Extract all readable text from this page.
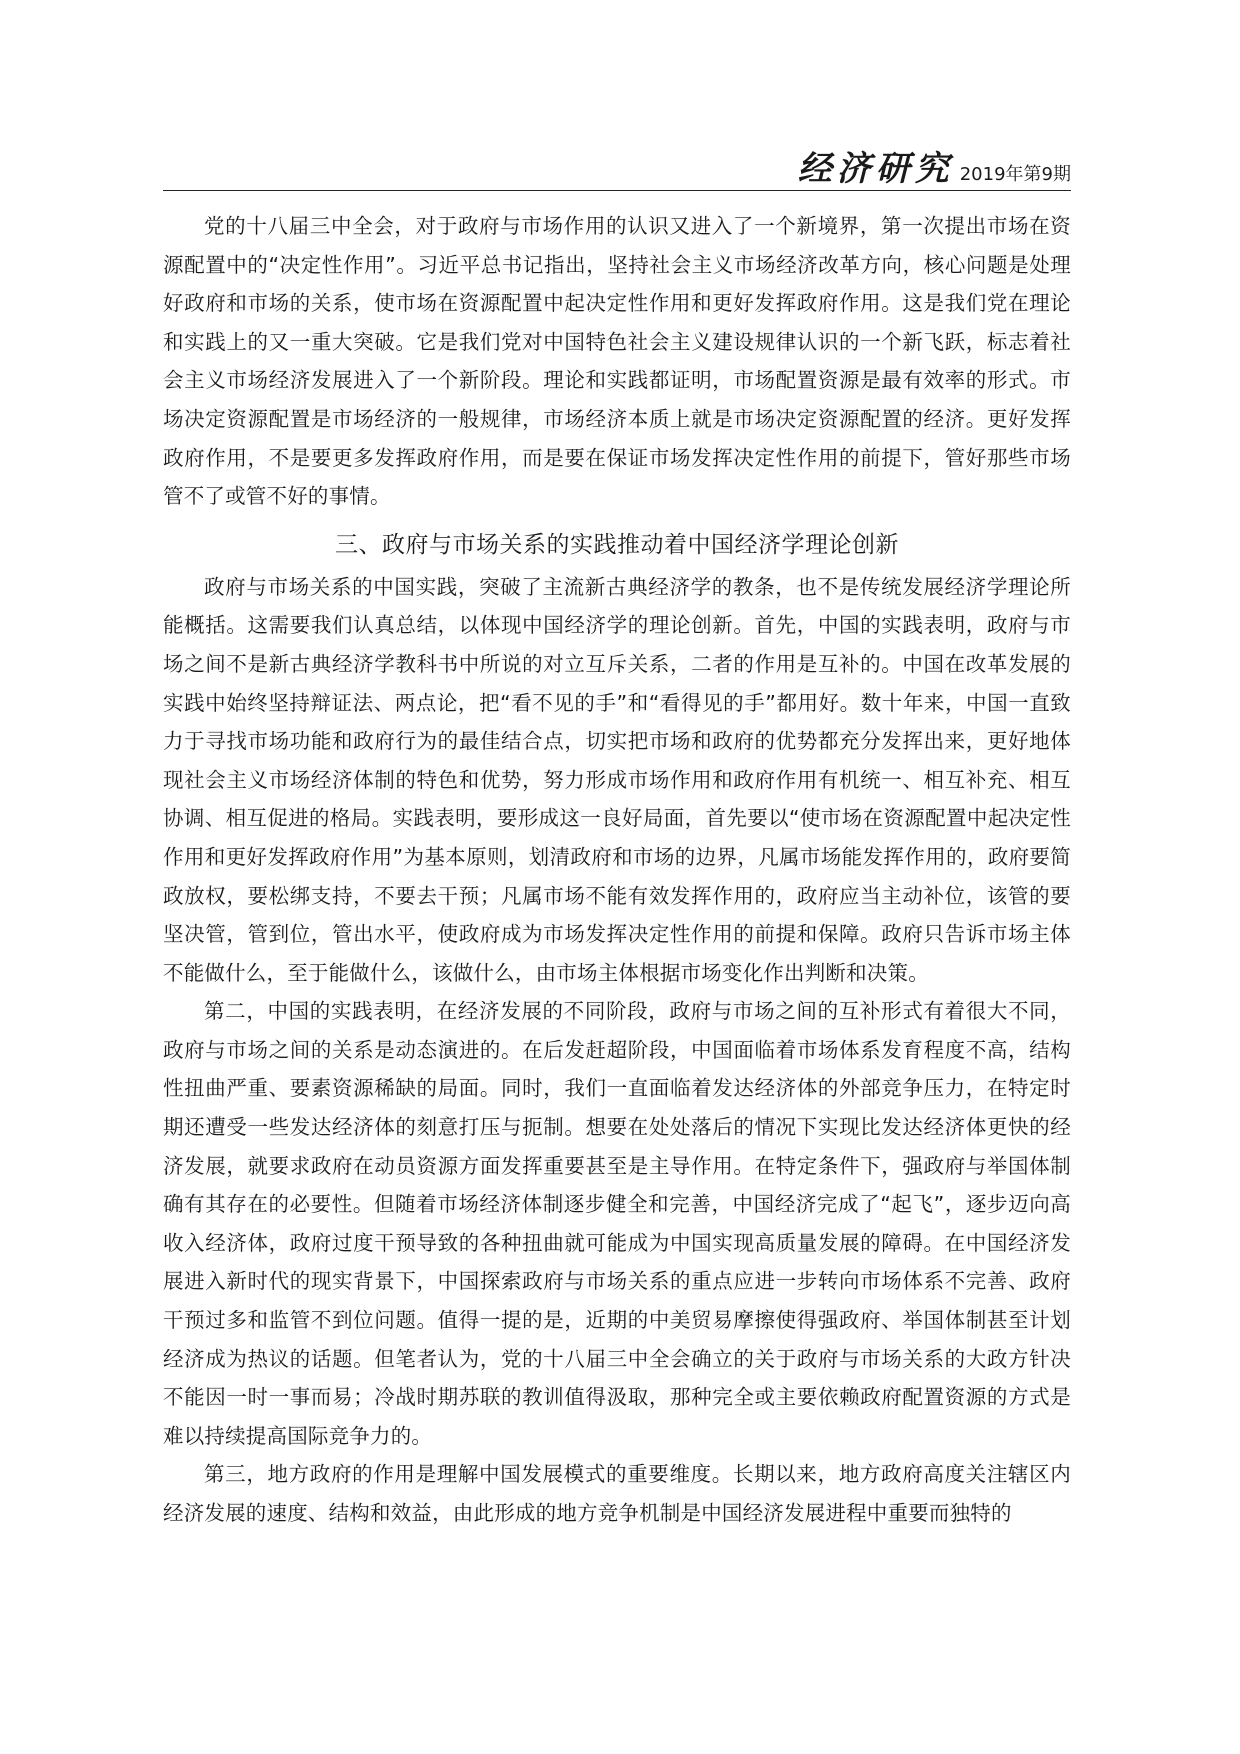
经济研究 2019年第9期

党的十八届三中全会，对于政府与市场作用的认识又进入了一个新境界，第一次提出市场在资源配置中的“决定性作用”。习近平总书记指出，坚持社会主义市场经济改革方向，核心问题是处理好政府和市场的关系，使市场在资源配置中起决定性作用和更好发挥政府作用。这是我们党在理论和实践上的又一重大突破。它是我们党对中国特色社会主义建设规律认识的一个新飞跃，标志着社会主义市场经济发展进入了一个新阶段。理论和实践都证明，市场配置资源是最有效率的形式。市场决定资源配置是市场经济的一般规律，市场经济本质上就是市场决定资源配置的经济。更好发挥政府作用，不是要更多发挥政府作用，而是要在保证市场发挥决定性作用的前提下，管好那些市场管不了或管不好的事情。

三、政府与市场关系的实践推动着中国经济学理论创新

政府与市场关系的中国实践，突破了主流新古典经济学的教条，也不是传统发展经济学理论所能概括。这需要我们认真总结，以体现中国经济学的理论创新。首先，中国的实践表明，政府与市场之间不是新古典经济学教科书中所说的对立互斥关系，二者的作用是互补的。中国在改革发展的实践中始终坚持辩证法、两点论，把“看不见的手”和“看得见的手”都用好。数十年来，中国一直致力于寻找市场功能和政府行为的最佳结合点，切实把市场和政府的优势都充分发挥出来，更好地体现社会主义市场经济体制的特色和优势，努力形成市场作用和政府作用有机统一、相互补充、相互协调、相互促进的格局。实践表明，要形成这一良好局面，首先要以“使市场在资源配置中起决定性作用和更好发挥政府作用”为基本原则，划清政府和市场的边界，凡属市场能发挥作用的，政府要简政放权，要松绑支持，不要去干预；凡属市场不能有效发挥作用的，政府应当主动补位，该管的要坚决管，管到位，管出水平，使政府成为市场发挥决定性作用的前提和保障。政府只告诉市场主体不能做什么，至于能做什么，该做什么，由市场主体根据市场变化作出判断和决策。

第二，中国的实践表明，在经济发展的不同阶段，政府与市场之间的互补形式有着很大不同，政府与市场之间的关系是动态演进的。在后发赶超阶段，中国面临着市场体系发育程度不高，结构性扭曲严重、要素资源稀缺的局面。同时，我们一直面临着发达经济体的外部竞争压力，在特定时期还遭受一些发达经济体的刻意打压与扼制。想要在处处落后的情况下实现比发达经济体更快的经济发展，就要求政府在动员资源方面发挥重要甚至是主导作用。在特定条件下，强政府与举国体制确有其存在的必要性。但随着市场经济体制逐步健全和完善，中国经济完成了“起飞”，逐步迈向高收入经济体，政府过度干预导致的各种扭曲就可能成为中国实现高质量发展的障碍。在中国经济发展进入新时代的现实背景下，中国探索政府与市场关系的重点应进一步转向市场体系不完善、政府干预过多和监管不到位问题。值得一提的是，近期的中美贸易摩擦使得强政府、举国体制甚至计划经济成为热议的话题。但笔者认为，党的十八届三中全会确立的关于政府与市场关系的大政方针决不能因一时一事而易；冷战时期苏联的教训值得汲取，那种完全或主要依赖政府配置资源的方式是难以持续提高国际竞争力的。

第三，地方政府的作用是理解中国发展模式的重要维度。长期以来，地方政府高度关注辖区内经济发展的速度、结构和效益，由此形成的地方竞争机制是中国经济发展进程中重要而独特的
